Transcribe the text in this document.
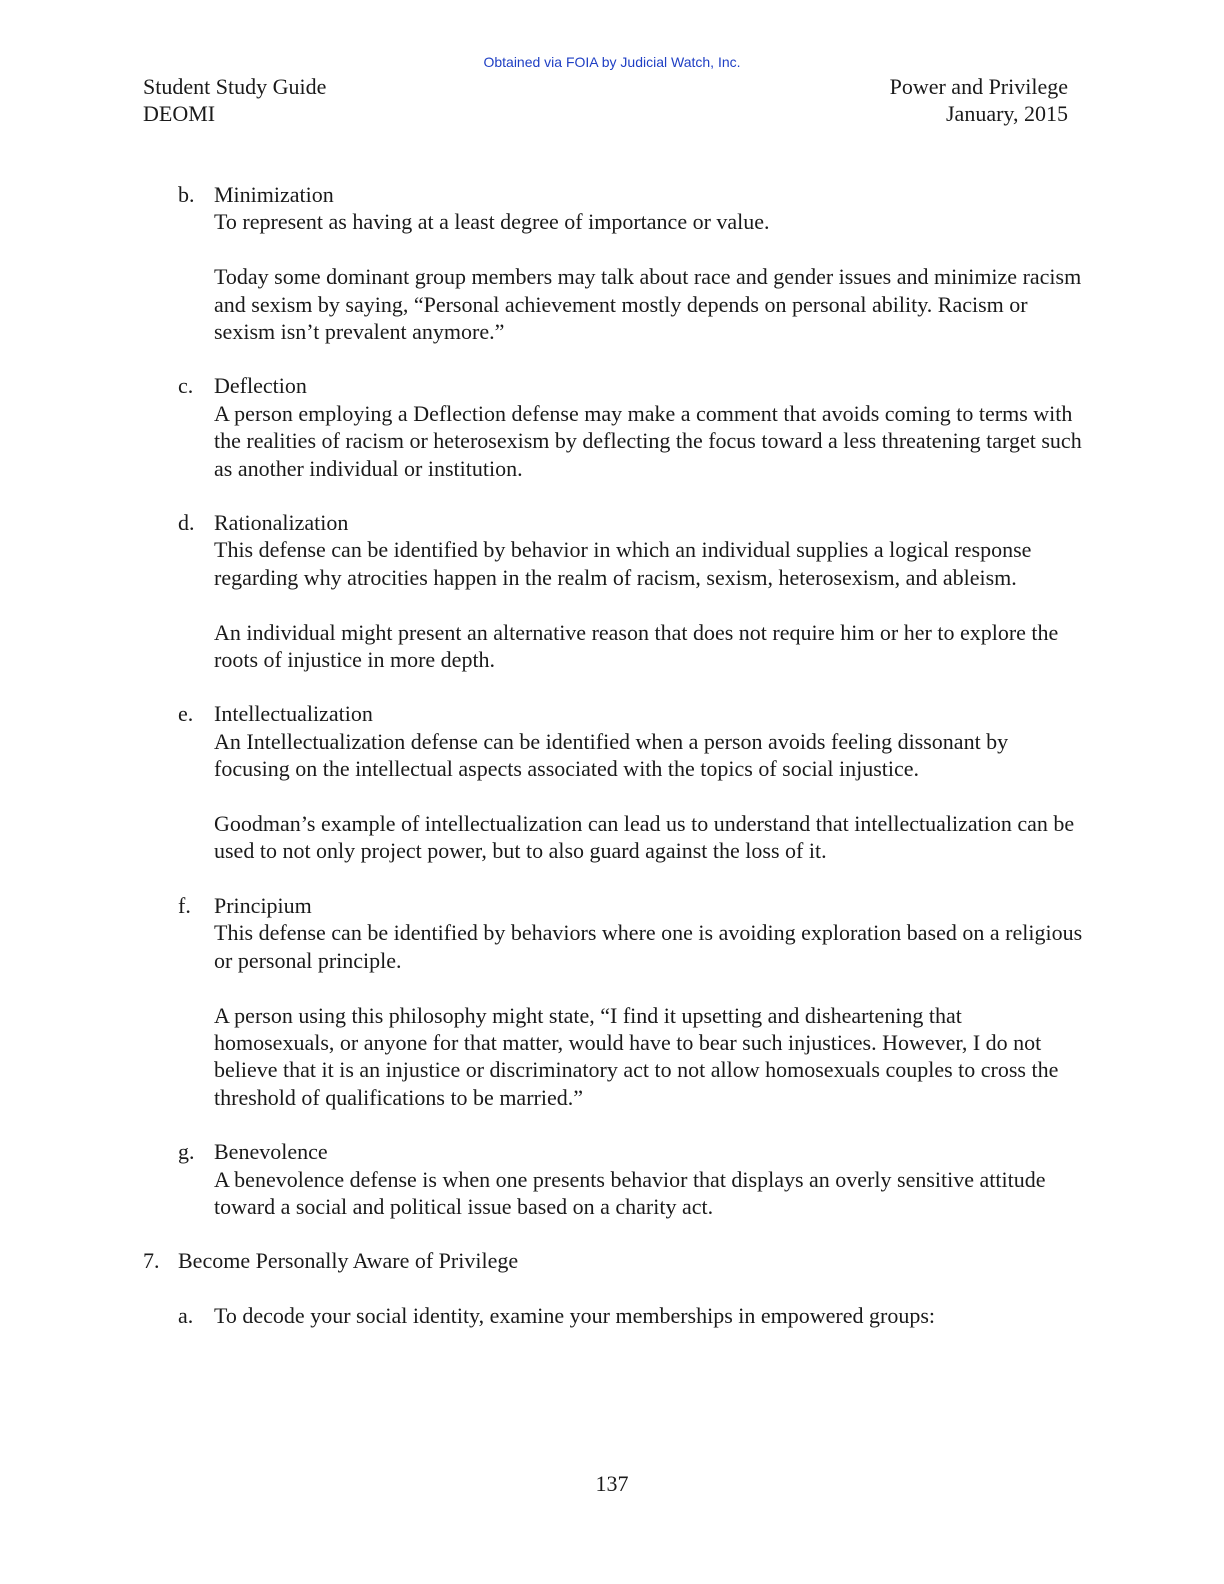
Obtained via FOIA by Judicial Watch, Inc.
Student Study Guide
DEOMI
Power and Privilege
January, 2015
b. Minimization

To represent as having at a least degree of importance or value.

Today some dominant group members may talk about race and gender issues and minimize racism and sexism by saying, “Personal achievement mostly depends on personal ability. Racism or sexism isn’t prevalent anymore.”

c. Deflection

A person employing a Deflection defense may make a comment that avoids coming to terms with the realities of racism or heterosexism by deflecting the focus toward a less threatening target such as another individual or institution.

d. Rationalization

This defense can be identified by behavior in which an individual supplies a logical response regarding why atrocities happen in the realm of racism, sexism, heterosexism, and ableism.

An individual might present an alternative reason that does not require him or her to explore the roots of injustice in more depth.

e. Intellectualization

An Intellectualization defense can be identified when a person avoids feeling dissonant by focusing on the intellectual aspects associated with the topics of social injustice.

Goodman’s example of intellectualization can lead us to understand that intellectualization can be used to not only project power, but to also guard against the loss of it.

f. Principium

This defense can be identified by behaviors where one is avoiding exploration based on a religious or personal principle.

A person using this philosophy might state, “I find it upsetting and disheartening that homosexuals, or anyone for that matter, would have to bear such injustices. However, I do not believe that it is an injustice or discriminatory act to not allow homosexuals couples to cross the threshold of qualifications to be married.”

g. Benevolence

A benevolence defense is when one presents behavior that displays an overly sensitive attitude toward a social and political issue based on a charity act.

7. Become Personally Aware of Privilege
a. To decode your social identity, examine your memberships in empowered groups:

137
